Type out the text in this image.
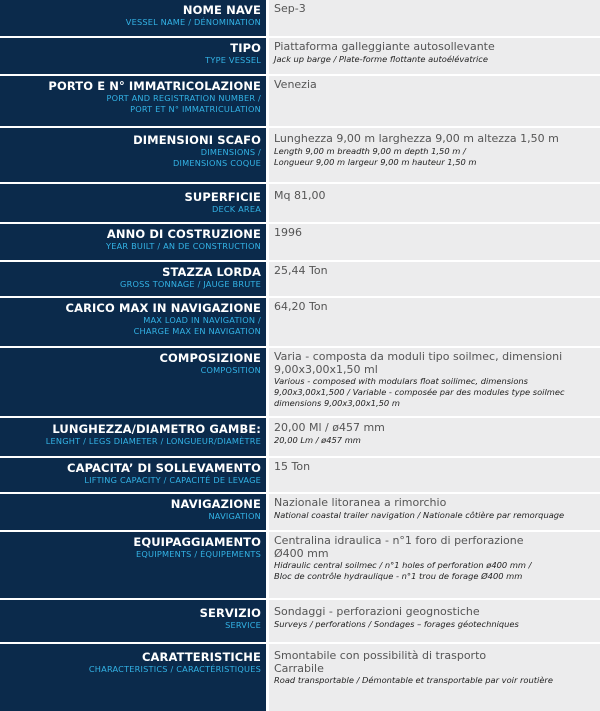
NOME NAVE
VESSEL NAME / DÉNOMINATION
Sep-3
TIPO
TYPE VESSEL
Piattaforma galleggiante autosollevante
Jack up barge / Plate-forme flottante autoélévatrice
PORTO E N° IMMATRICOLAZIONE
PORT AND REGISTRATION NUMBER /
PORT ET N° IMMATRICULATION
Venezia
DIMENSIONI SCAFO
DIMENSIONS /
DIMENSIONS COQUE
Lunghezza 9,00 m larghezza 9,00 m altezza 1,50 m
Length 9,00 m breadth 9,00 m depth 1,50 m /
Longueur 9,00 m largeur 9,00 m hauteur 1,50 m
SUPERFICIE
DECK AREA
Mq 81,00
ANNO DI COSTRUZIONE
YEAR BUILT / AN DE CONSTRUCTION
1996
STAZZA LORDA
GROSS TONNAGE / JAUGE BRUTE
25,44 Ton
CARICO MAX IN NAVIGAZIONE
MAX LOAD IN NAVIGATION /
CHARGE MAX EN NAVIGATION
64,20 Ton
COMPOSIZIONE
COMPOSITION
Varia - composta da moduli tipo soilmec, dimensioni
9,00x3,00x1,50 ml
Various - composed with modulars float soilimec, dimensions
9,00x3,00x1,500 / Variable - composée par des modules type soilmec
dimensions 9,00x3,00x1,50 m
LUNGHEZZA/DIAMETRO GAMBE:
LENGHT / LEGS DIAMETER / LONGUEUR/DIAMÈTRE
20,00 Ml / ø457 mm
20,00 Lm / ø457 mm
CAPACITA’ DI SOLLEVAMENTO
LIFTING CAPACITY / CAPACITÉ DE LEVAGE
15 Ton
NAVIGAZIONE
NAVIGATION
Nazionale litoranea a rimorchio
National coastal trailer navigation / Nationale côtière par remorquage
EQUIPAGGIAMENTO
EQUIPMENTS / ÉQUIPEMENTS
Centralina idraulica - n°1 foro di perforazione
Ø400 mm
Hidraulic central soilmec / n°1 holes of perforation ø400 mm /
Bloc de contrôle hydraulique - n°1 trou de forage Ø400 mm
SERVIZIO
SERVICE
Sondaggi - perforazioni geognostiche
Surveys / perforations / Sondages – forages géotechniques
CARATTERISTICHE
CHARACTERISTICS / CARACTÉRISTIQUES
Smontabile con possibilità di trasporto
Carrabile
Road transportable / Démontable et transportable par voir routière
